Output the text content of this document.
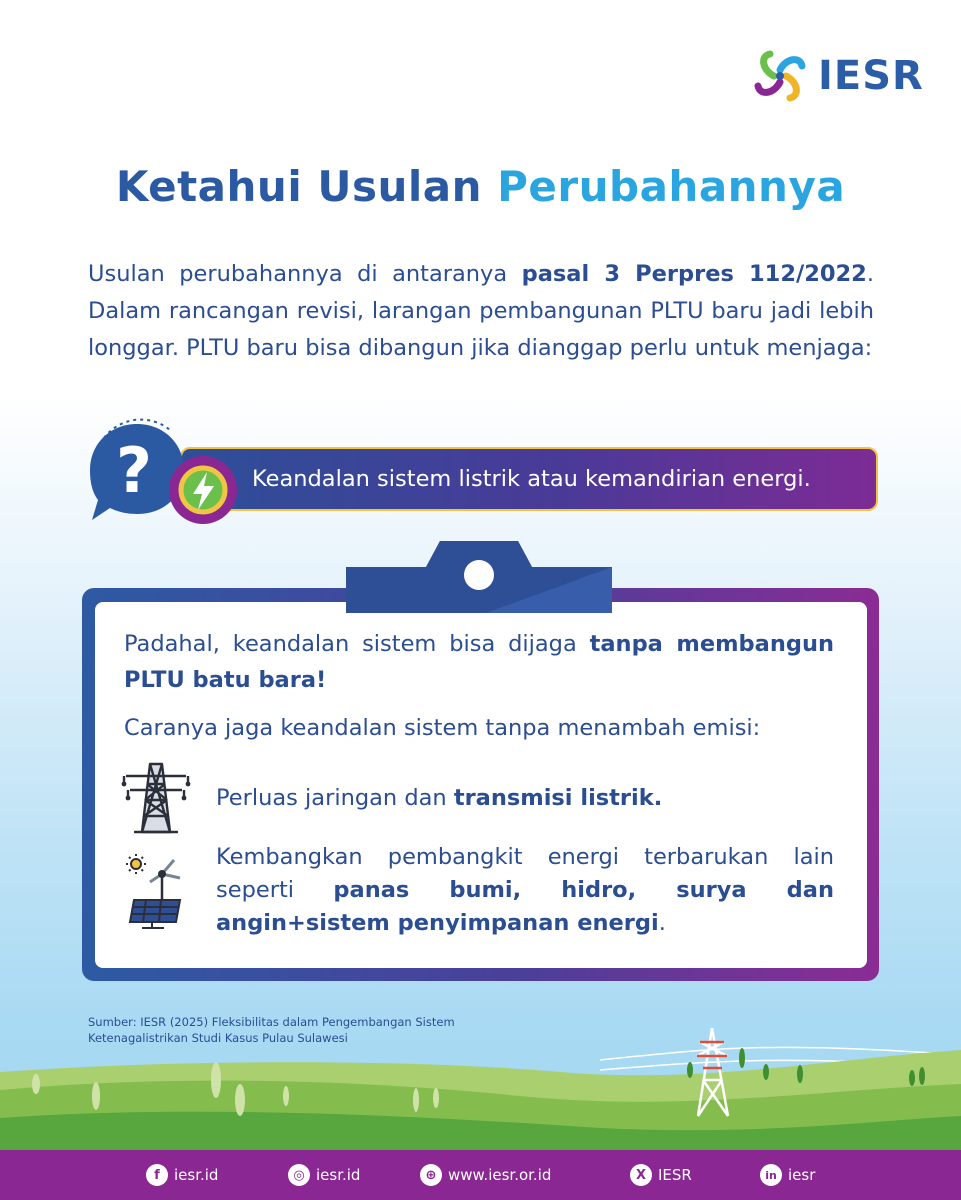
IESR
Ketahui Usulan Perubahannya

Usulan perubahannya di antaranya pasal 3 Perpres 112/2022. Dalam rancangan revisi, larangan pembangunan PLTU baru jadi lebih longgar. PLTU baru bisa dibangun jika dianggap perlu untuk menjaga:

Keandalan sistem listrik atau kemandirian energi.
?

Padahal, keandalan sistem bisa dijaga tanpa membangun PLTU batu bara!

Caranya jaga keandalan sistem tanpa menambah emisi:

Perluas jaringan dan transmisi listrik.

Kembangkan pembangkit energi terbarukan lain seperti panas bumi, hidro, surya dan angin+sistem penyimpanan energi.

Sumber: IESR (2025) Fleksibilitas dalam Pengembangan Sistem
Ketenagalistrikan Studi Kasus Pulau Sulawesi
f iesr.id	◎ iesr.id	⊕ www.iesr.or.id	X IESR	in iesr
